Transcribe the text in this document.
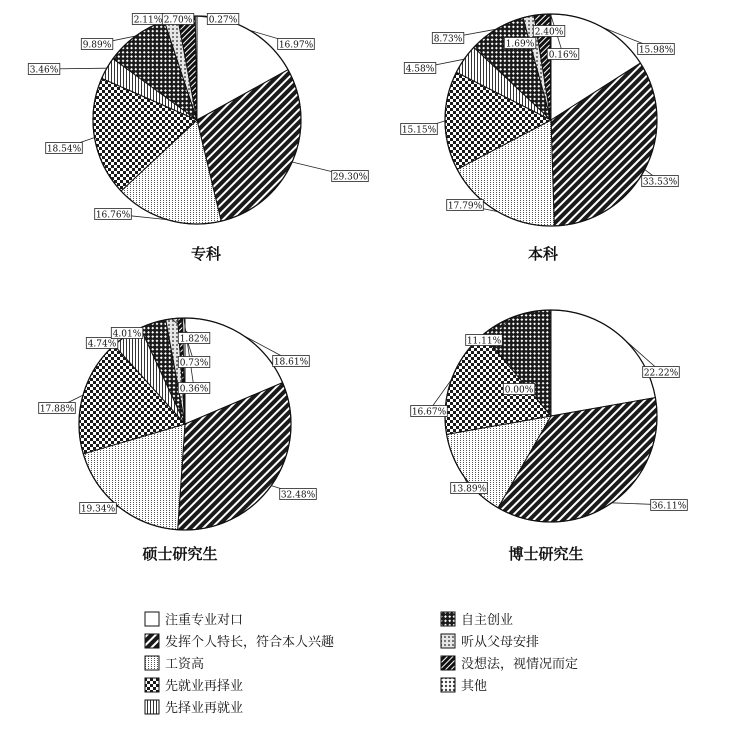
16.97%
29.30%
16.76%
18.54%
3.46%
9.89%
2.11% 2.70% 0.27%
15.98%
33.53%
17.79%
15.15%
4.58%
8.73%	1.69%
2.40%
0.16%
18.61%
32.48%
19.34%
17.88%
4.74%
4.01%	1.82%
0.73%
0.36%
22.22%
36.11%
13.89%
16.67%
11.11%
0.00%
专科	本科
硕士研究生	博士研究生
注重专业对口
发挥个人特长，符合本人兴趣
工资高
先就业再择业
先择业再就业
自主创业
听从父母安排
没想法，视情况而定
其他
